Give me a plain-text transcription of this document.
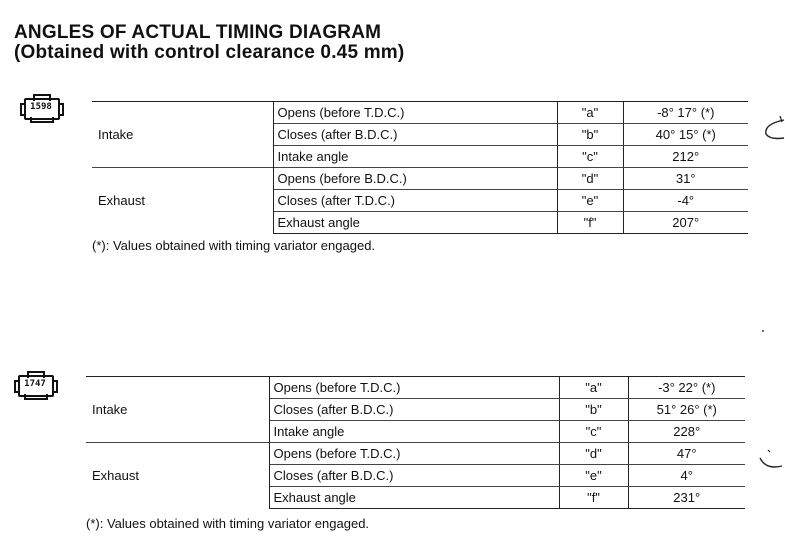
ANGLES OF ACTUAL TIMING DIAGRAM
(Obtained with control clearance 0.45 mm)
1598
Intake	Opens (before T.D.C.)	"a"	-8° 17° (*)
	Closes (after B.D.C.)	"b"	40° 15° (*)
	Intake angle	"c"	212°
Exhaust	Opens (before B.D.C.)	"d"	31°
	Closes (after T.D.C.)	"e"	-4°
	Exhaust angle	"f"	207°
(*): Values obtained with timing variator engaged.
1747
Intake	Opens (before T.D.C.)	"a"	-3° 22° (*)
	Closes (after B.D.C.)	"b"	51° 26° (*)
	Intake angle	"c"	228°
Exhaust	Opens (before T.D.C.)	"d"	47°
	Closes (after B.D.C.)	"e"	4°
	Exhaust angle	"f"	231°
(*): Values obtained with timing variator engaged.
